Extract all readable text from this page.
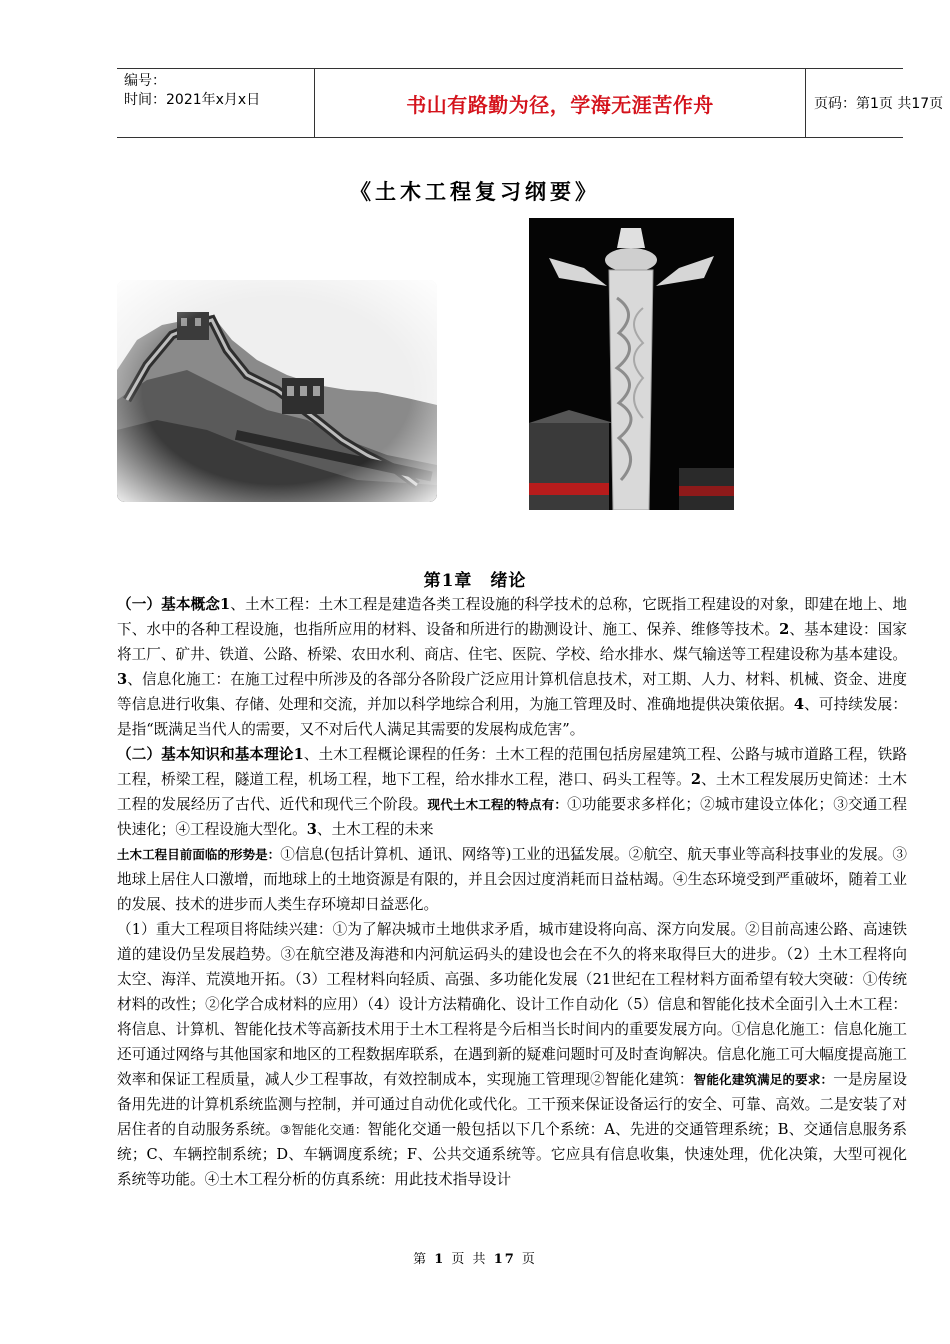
编号：
时间：2021年x月x日	书山有路勤为径，学海无涯苦作舟	页码：第1页 共17页
《土木工程复习纲要》
第1章　绪论

（一）基本概念1、土木工程：土木工程是建造各类工程设施的科学技术的总称，它既指工程建设的对象，即建在地上、地下、水中的各种工程设施，也指所应用的材料、设备和所进行的勘测设计、施工、保养、维修等技术。2、基本建设：国家将工厂、矿井、铁道、公路、桥梁、农田水利、商店、住宅、医院、学校、给水排水、煤气输送等工程建设称为基本建设。3、信息化施工：在施工过程中所涉及的各部分各阶段广泛应用计算机信息技术，对工期、人力、材料、机械、资金、进度等信息进行收集、存储、处理和交流，并加以科学地综合利用，为施工管理及时、准确地提供决策依据。4、可持续发展：是指“既满足当代人的需要，又不对后代人满足其需要的发展构成危害”。

（二）基本知识和基本理论1、土木工程概论课程的任务：土木工程的范围包括房屋建筑工程、公路与城市道路工程，铁路工程，桥梁工程，隧道工程，机场工程，地下工程，给水排水工程，港口、码头工程等。2、土木工程发展历史简述：土木工程的发展经历了古代、近代和现代三个阶段。现代土木工程的特点有：①功能要求多样化；②城市建设立体化；③交通工程快速化；④工程设施大型化。3、土木工程的未来
土木工程目前面临的形势是：①信息(包括计算机、通讯、网络等)工业的迅猛发展。②航空、航天事业等高科技事业的发展。③地球上居住人口激增，而地球上的土地资源是有限的，并且会因过度消耗而日益枯竭。④生态环境受到严重破坏，随着工业的发展、技术的进步而人类生存环境却日益恶化。

（1）重大工程项目将陆续兴建：①为了解决城市土地供求矛盾，城市建设将向高、深方向发展。②目前高速公路、高速铁道的建设仍呈发展趋势。③在航空港及海港和内河航运码头的建设也会在不久的将来取得巨大的进步。（2）土木工程将向太空、海洋、荒漠地开拓。（3）工程材料向轻质、高强、多功能化发展（21世纪在工程材料方面希望有较大突破：①传统材料的改性；②化学合成材料的应用）（4）设计方法精确化、设计工作自动化（5）信息和智能化技术全面引入土木工程：将信息、计算机、智能化技术等高新技术用于土木工程将是今后相当长时间内的重要发展方向。①信息化施工：信息化施工还可通过网络与其他国家和地区的工程数据库联系，在遇到新的疑难问题时可及时查询解决。信息化施工可大幅度提高施工效率和保证工程质量，减人少工程事故，有效控制成本，实现施工管理现②智能化建筑：智能化建筑满足的要求：一是房屋设备用先进的计算机系统监测与控制，并可通过自动优化或代化。工干预来保证设备运行的安全、可靠、高效。二是安装了对居住者的自动服务系统。③智能化交通：智能化交通一般包括以下几个系统：A、先进的交通管理系统；B、交通信息服务系统；C、车辆控制系统；D、车辆调度系统；F、公共交通系统等。它应具有信息收集，快速处理，优化决策，大型可视化系统等功能。④土木工程分析的仿真系统：用此技术指导设计

第 1 页 共 17 页
